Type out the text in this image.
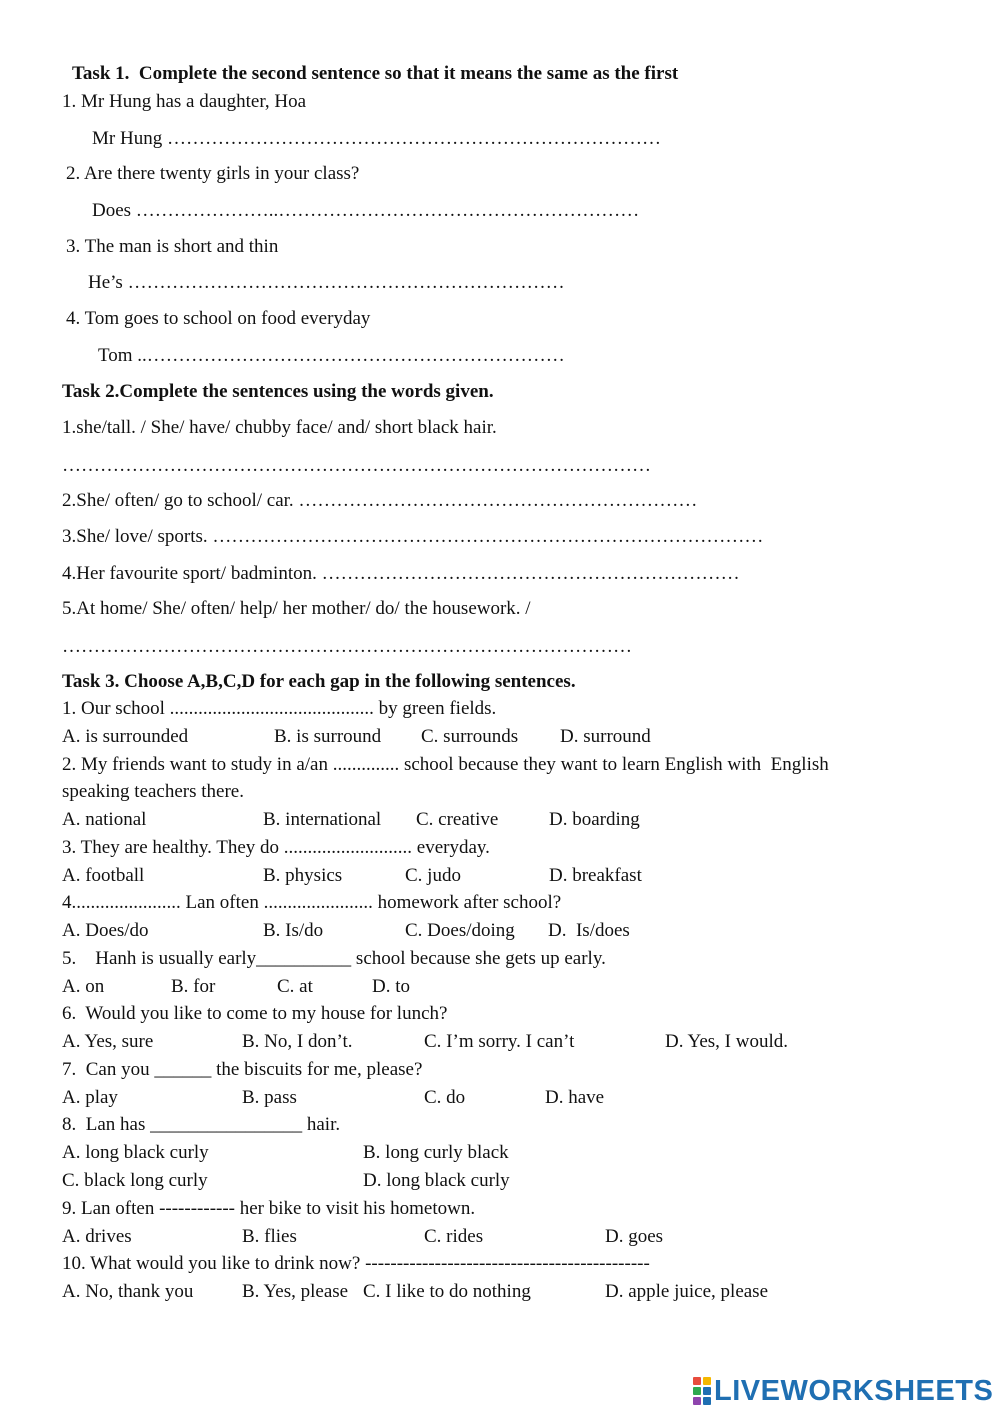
Task 1.  Complete the second sentence so that it means the same as the first
1. Mr Hung has a daughter, Hoa
Mr Hung ……………………………………………………………………
2. Are there twenty girls in your class?
Does …………………..…………………………………………………
3. The man is short and thin
He’s ……………………………………………………………
4. Tom goes to school on food everyday
Tom ..…………………………………………………………
Task 2.Complete the sentences using the words given.
1.she/tall. / She/ have/ chubby face/ and/ short black hair.
…………………………………………………………………………………
2.She/ often/ go to school/ car. ………………………………………………………
3.She/ love/ sports. ……………………………………………………………………………
4.Her favourite sport/ badminton. …………………………………………………………
5.At home/ She/ often/ help/ her mother/ do/ the housework. /
………………………………………………………………………………
Task 3. Choose A,B,C,D for each gap in the following sentences.
1. Our school ........................................... by green fields.
A. is surrounded	B. is surround C. surrounds D. surround
2. My friends want to study in a/an .............. school because they want to learn English with  English
speaking teachers there.
A. national	B. international C. creative	D. boarding
3. They are healthy. They do ........................... everyday.
A. football	B. physics	C. judo	D. breakfast
4....................... Lan often ....................... homework after school?
A. Does/do	B. Is/do	C. Does/doing D.  Is/does
5.    Hanh is usually early__________ school because she gets up early.
A. on	B. for	C. at	D. to
6.  Would you like to come to my house for lunch?
A. Yes, sure	B. No, I don’t.	C. I’m sorry. I can’t	D. Yes, I would.
7.  Can you ______ the biscuits for me, please?
A. play	B. pass	C. do	D. have
8.  Lan has ________________ hair.
A. long black curly	B. long curly black
C. black long curly	D. long black curly
9. Lan often ------------ her bike to visit his hometown.
A. drives	B. flies	C. rides	D. goes
10. What would you like to drink now? ---------------------------------------------
A. No, thank you	B. Yes, please C. I like to do nothing	D. apple juice, please
LIVEWORKSHEETS
